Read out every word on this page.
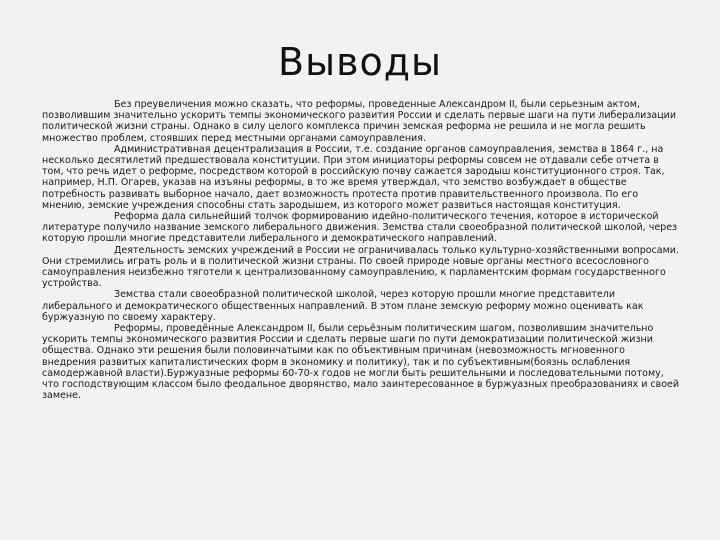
Выводы

Без преувеличения можно сказать, что реформы, проведенные Александром II, были серьезным актом, позволившим значительно ускорить темпы экономического развития России и сделать первые шаги на пути либерализации политической жизни страны. Однако в силу целого комплекса причин земская реформа не решила и не могла решить множество проблем, стоявших перед местными органами самоуправления.

Административная децентрализация в России, т.е. создание органов самоуправления, земства в 1864 г., на несколько десятилетий предшествовала конституции. При этом инициаторы реформы совсем не отдавали себе отчета в том, что речь идет о реформе, посредством которой в российскую почву сажается зародыш конституционного строя. Так, например, Н.П. Огарев, указав на изъяны реформы, в то же время утверждал, что земство возбуждает в обществе потребность развивать выборное начало, дает возможность протеста против правительственного произвола. По его мнению, земские учреждения способны стать зародышем, из которого может развиться настоящая конституция.

Реформа дала сильнейший толчок формированию идейно-политического течения, которое в исторической литературе получило название земского либерального движения. Земства стали своеобразной политической школой, через которую прошли многие представители либерального и демократического направлений.

Деятельность земских учреждений в России не ограничивалась только культурно-хозяйственными вопросами. Они стремились играть роль и в политической жизни страны. По своей природе новые органы местного всесословного самоуправления неизбежно тяготели к централизованному самоуправлению, к парламентским формам государственного устройства.

Земства стали своеобразной политической школой, через которую прошли многие представители либерального и демократического общественных направлений. В этом плане земскую реформу можно оценивать как буржуазную по своему характеру.

Реформы, проведённые Александром II, были серьёзным политическим шагом, позволившим значительно ускорить темпы экономического развития России и сделать первые шаги по пути демократизации политической жизни общества. Однако эти решения были половинчатыми как по объективным причинам (невозможность мгновенного внедрения развитых капиталистических форм в экономику и политику), так и по субъективным(боязнь ослабления самодержавной власти).Буржуазные реформы 60-70-х годов не могли быть решительными и последовательными потому, что господствующим классом было феодальное дворянство, мало заинтересованное в буржуазных преобразованиях и своей замене.
